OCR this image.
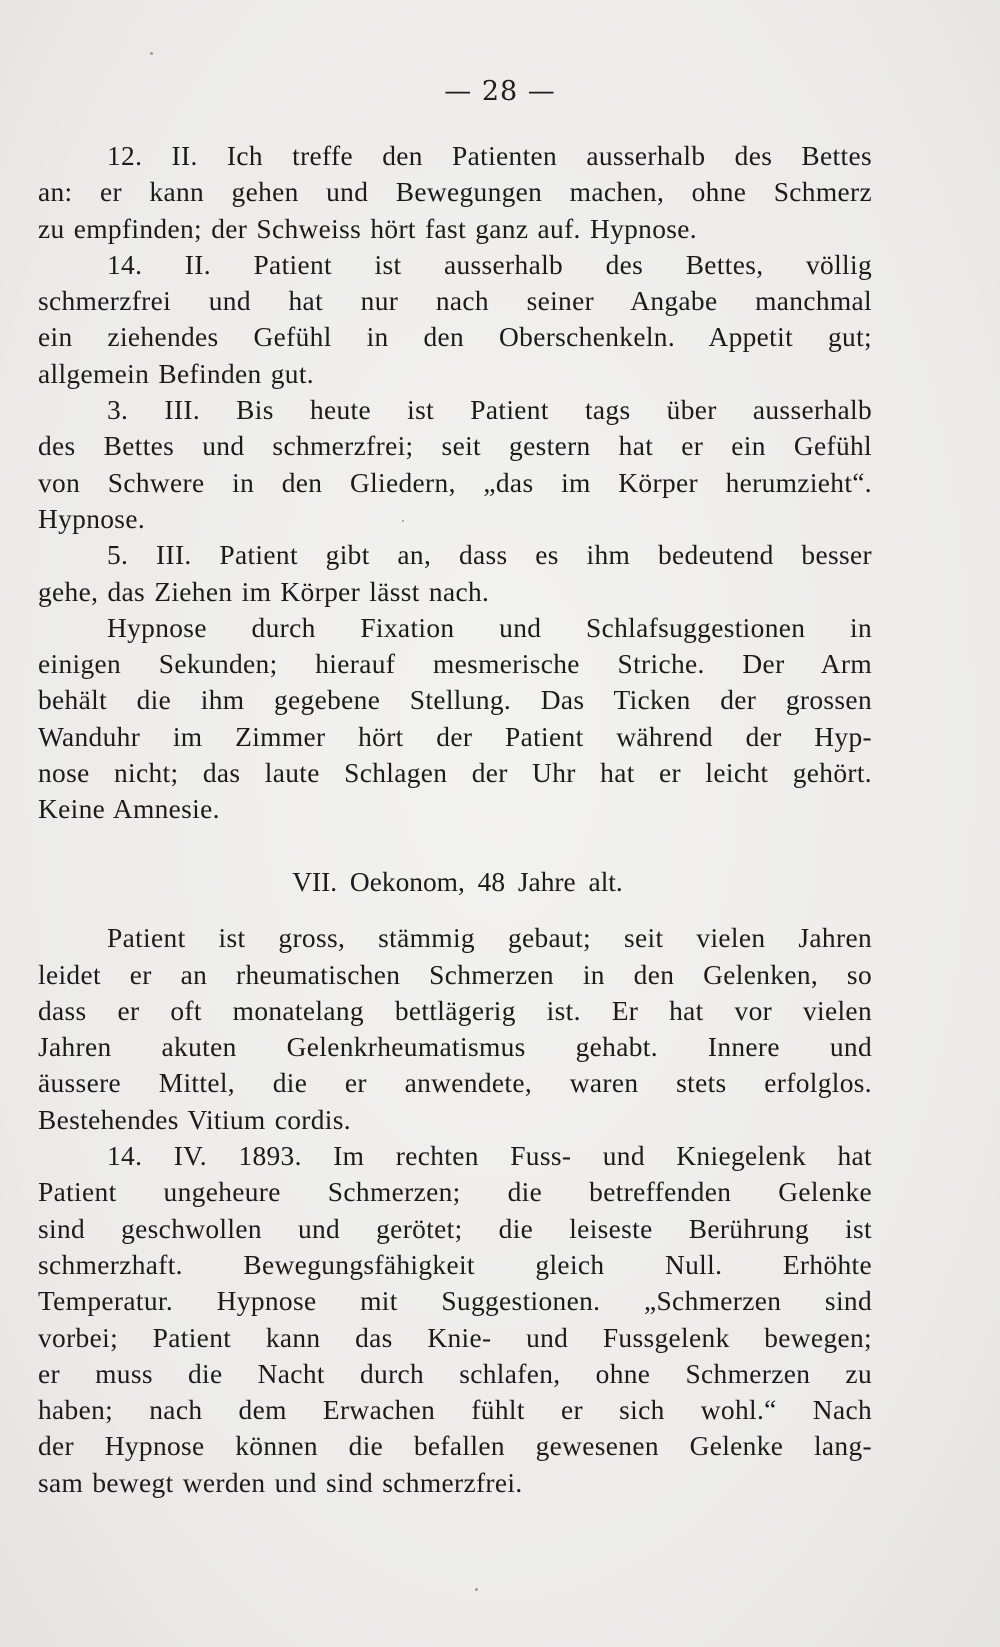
— 28 —
12. II. Ich treffe den Patienten ausserhalb des Bettes
an: er kann gehen und Bewegungen machen, ohne Schmerz
zu empfinden; der Schweiss hört fast ganz auf. Hypnose.
14. II. Patient ist ausserhalb des Bettes, völlig
schmerzfrei und hat nur nach seiner Angabe manchmal
ein ziehendes Gefühl in den Oberschenkeln. Appetit gut;
allgemein Befinden gut.
3. III. Bis heute ist Patient tags über ausserhalb
des Bettes und schmerzfrei; seit gestern hat er ein Gefühl
von Schwere in den Gliedern, „das im Körper herumzieht“.
Hypnose.
5. III. Patient gibt an, dass es ihm bedeutend besser
gehe, das Ziehen im Körper lässt nach.
Hypnose durch Fixation und Schlafsuggestionen in
einigen Sekunden; hierauf mesmerische Striche. Der Arm
behält die ihm gegebene Stellung. Das Ticken der grossen
Wanduhr im Zimmer hört der Patient während der Hyp-
nose nicht; das laute Schlagen der Uhr hat er leicht gehört.
Keine Amnesie.
VII. Oekonom, 48 Jahre alt.
Patient ist gross, stämmig gebaut; seit vielen Jahren
leidet er an rheumatischen Schmerzen in den Gelenken, so
dass er oft monatelang bettlägerig ist. Er hat vor vielen
Jahren akuten Gelenkrheumatismus gehabt. Innere und
äussere Mittel, die er anwendete, waren stets erfolglos.
Bestehendes Vitium cordis.
14. IV. 1893. Im rechten Fuss- und Kniegelenk hat
Patient ungeheure Schmerzen; die betreffenden Gelenke
sind geschwollen und gerötet; die leiseste Berührung ist
schmerzhaft. Bewegungsfähigkeit gleich Null. Erhöhte
Temperatur. Hypnose mit Suggestionen. „Schmerzen sind
vorbei; Patient kann das Knie- und Fussgelenk bewegen;
er muss die Nacht durch schlafen, ohne Schmerzen zu
haben; nach dem Erwachen fühlt er sich wohl.“ Nach
der Hypnose können die befallen gewesenen Gelenke lang-
sam bewegt werden und sind schmerzfrei.
